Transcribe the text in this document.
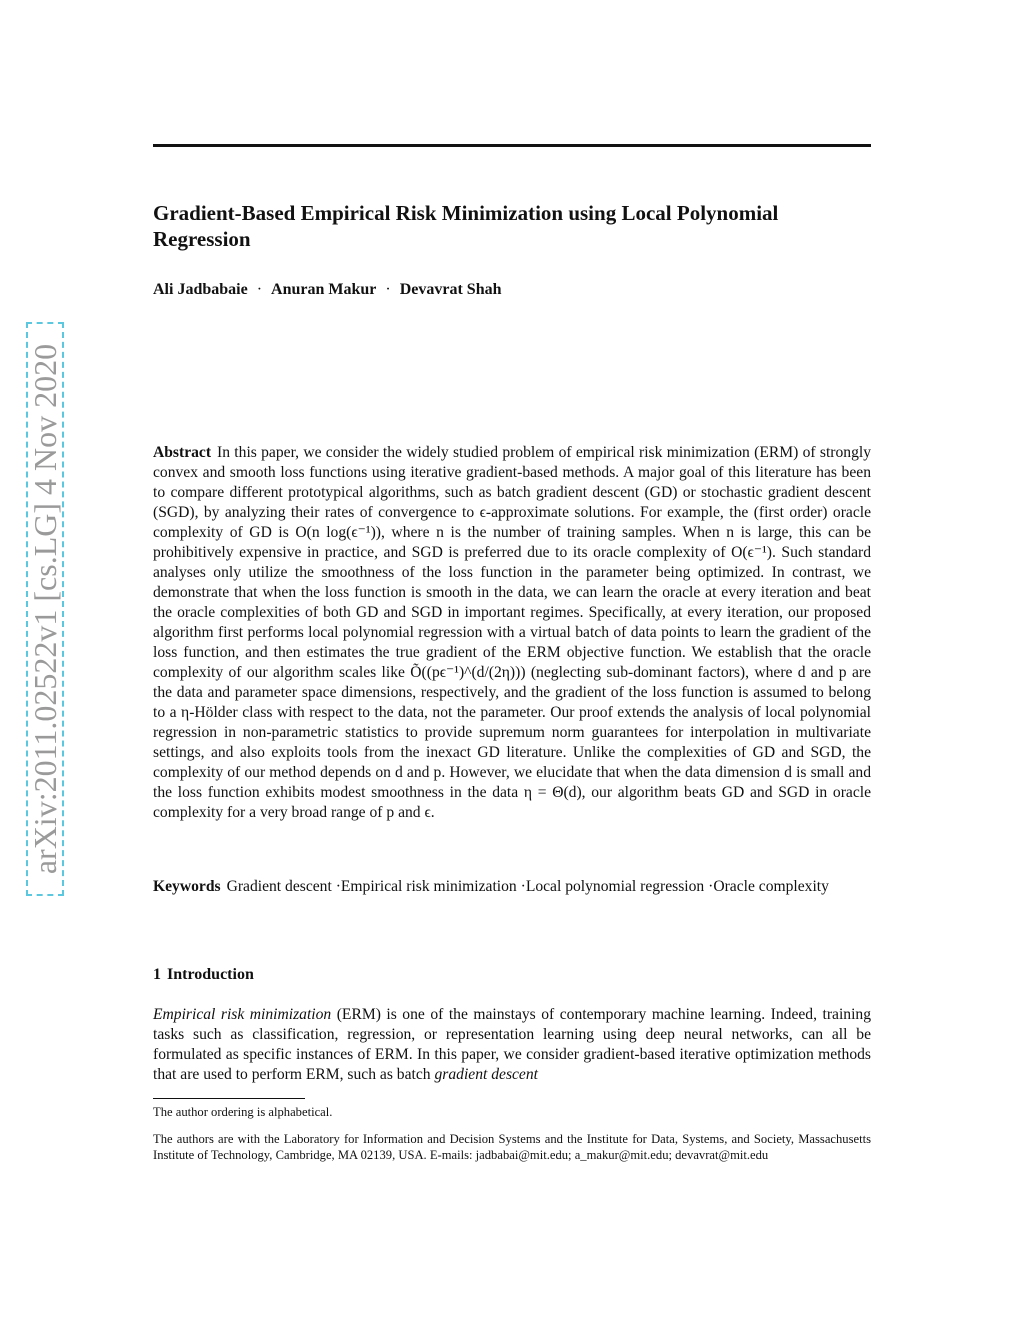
arXiv:2011.02522v1 [cs.LG] 4 Nov 2020
Gradient-Based Empirical Risk Minimization using Local Polynomial Regression

Ali Jadbabaie · Anuran Makur · Devavrat Shah

Abstract In this paper, we consider the widely studied problem of empirical risk minimization (ERM) of strongly convex and smooth loss functions using iterative gradient-based methods. A major goal of this literature has been to compare different prototypical algorithms, such as batch gradient descent (GD) or stochastic gradient descent (SGD), by analyzing their rates of convergence to ϵ-approximate solutions. For example, the (first order) oracle complexity of GD is O(n log(ϵ⁻¹)), where n is the number of training samples. When n is large, this can be prohibitively expensive in practice, and SGD is preferred due to its oracle complexity of O(ϵ⁻¹). Such standard analyses only utilize the smoothness of the loss function in the parameter being optimized. In contrast, we demonstrate that when the loss function is smooth in the data, we can learn the oracle at every iteration and beat the oracle complexities of both GD and SGD in important regimes. Specifically, at every iteration, our proposed algorithm first performs local polynomial regression with a virtual batch of data points to learn the gradient of the loss function, and then estimates the true gradient of the ERM objective function. We establish that the oracle complexity of our algorithm scales like Õ((pϵ⁻¹)^(d/(2η))) (neglecting sub-dominant factors), where d and p are the data and parameter space dimensions, respectively, and the gradient of the loss function is assumed to belong to a η-Hölder class with respect to the data, not the parameter. Our proof extends the analysis of local polynomial regression in non-parametric statistics to provide supremum norm guarantees for interpolation in multivariate settings, and also exploits tools from the inexact GD literature. Unlike the complexities of GD and SGD, the complexity of our method depends on d and p. However, we elucidate that when the data dimension d is small and the loss function exhibits modest smoothness in the data η = Θ(d), our algorithm beats GD and SGD in oracle complexity for a very broad range of p and ϵ.

Keywords Gradient descent · Empirical risk minimization · Local polynomial regression · Oracle complexity

1 Introduction

Empirical risk minimization (ERM) is one of the mainstays of contemporary machine learning. Indeed, training tasks such as classification, regression, or representation learning using deep neural networks, can all be formulated as specific instances of ERM. In this paper, we consider gradient-based iterative optimization methods that are used to perform ERM, such as batch gradient descent

The author ordering is alphabetical.

The authors are with the Laboratory for Information and Decision Systems and the Institute for Data, Systems, and Society, Massachusetts Institute of Technology, Cambridge, MA 02139, USA. E-mails: jadbabai@mit.edu; a_makur@mit.edu; devavrat@mit.edu
